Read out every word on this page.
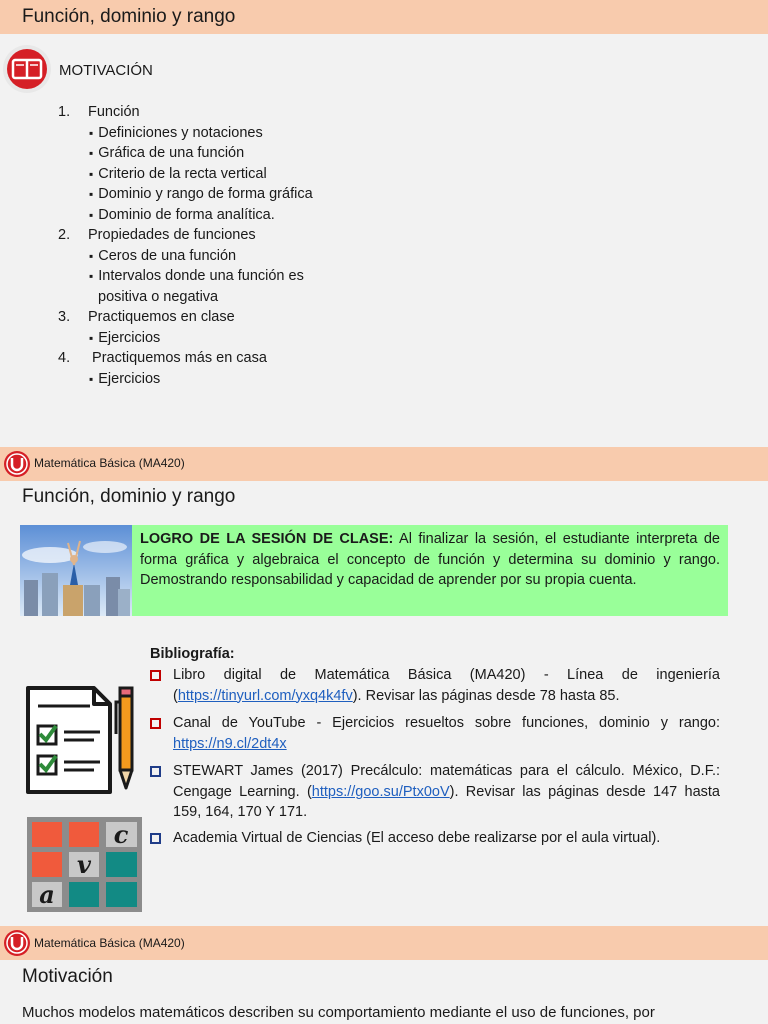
Función, dominio y rango
MOTIVACIÓN
1. Función
▪ Definiciones y notaciones
▪ Gráfica de una función
▪ Criterio de la recta vertical
▪ Dominio y rango de forma gráfica
▪ Dominio de forma analítica.
2. Propiedades de funciones
▪ Ceros de una función
▪ Intervalos donde una función es
positiva o negativa
3. Practiquemos en clase
▪ Ejercicios
4. Practiquemos más en casa
▪ Ejercicios
Matemática Básica (MA420)
Función, dominio y rango
LOGRO DE LA SESIÓN DE CLASE: Al finalizar la sesión, el estudiante interpreta de forma gráfica y algebraica el concepto de función y determina su dominio y rango. Demostrando responsabilidad y capacidad de aprender por su propia cuenta.
Bibliografía:
Libro digital de Matemática Básica (MA420) - Línea de ingeniería (https://tinyurl.com/yxq4k4fv). Revisar las páginas desde 78 hasta 85.
Canal de YouTube - Ejercicios resueltos sobre funciones, dominio y rango: https://n9.cl/2dt4x
STEWART James (2017) Precálculo: matemáticas para el cálculo. México, D.F.: Cengage Learning. (https://goo.su/Ptx0oV). Revisar las páginas desde 147 hasta 159, 164, 170 Y 171.
Academia Virtual de Ciencias (El acceso debe realizarse por el aula virtual).
c
v
a
Matemática Básica (MA420)
Motivación
Muchos modelos matemáticos describen su comportamiento mediante el uso de funciones, por
